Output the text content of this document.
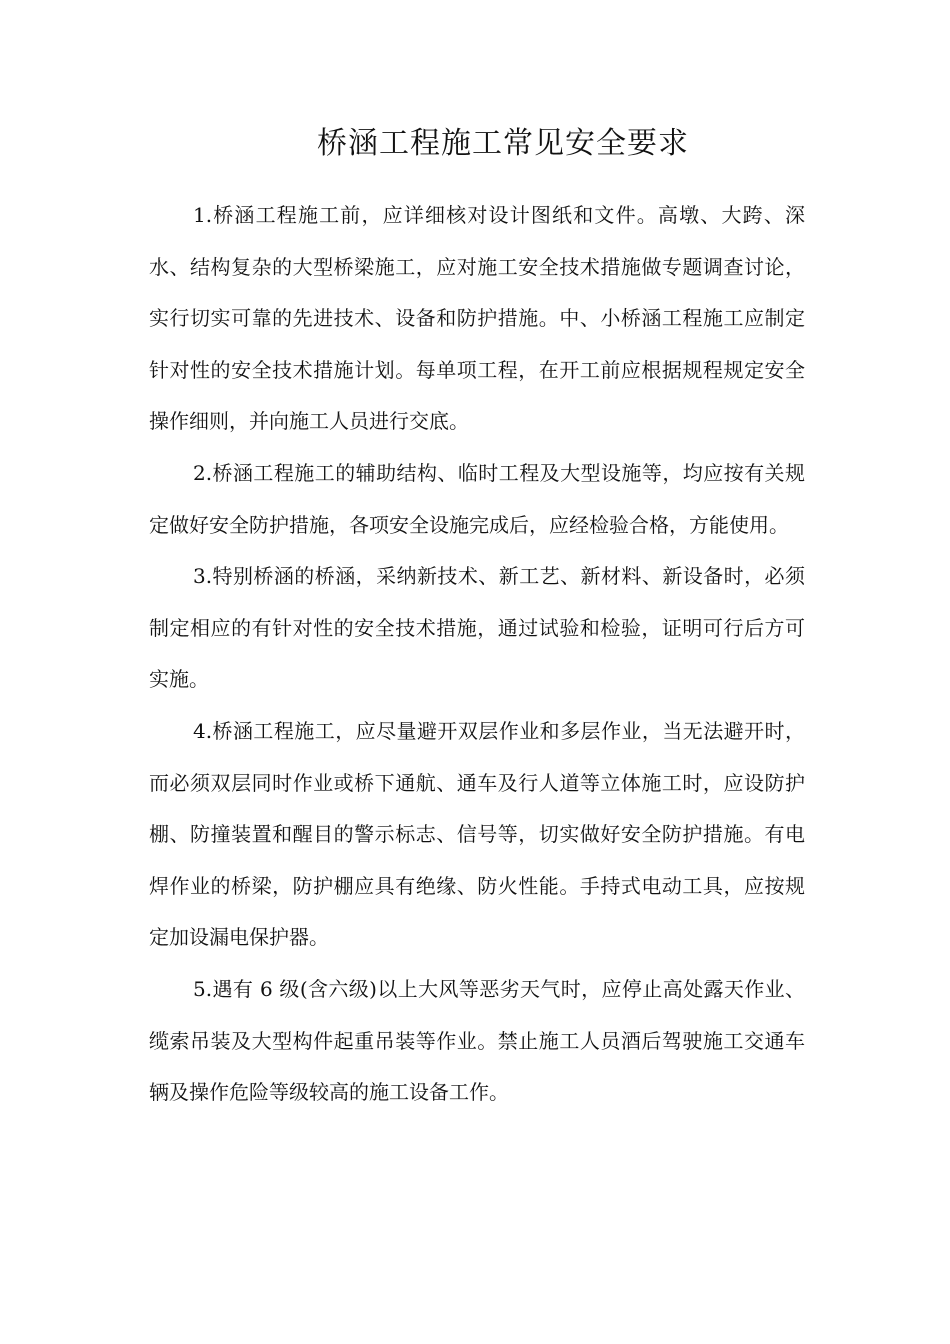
桥涵工程施工常见安全要求

1.桥涵工程施工前，应详细核对设计图纸和文件。高墩、大跨、深水、结构复杂的大型桥梁施工，应对施工安全技术措施做专题调查讨论，实行切实可靠的先进技术、设备和防护措施。中、小桥涵工程施工应制定针对性的安全技术措施计划。每单项工程，在开工前应根据规程规定安全操作细则，并向施工人员进行交底。

2.桥涵工程施工的辅助结构、临时工程及大型设施等，均应按有关规定做好安全防护措施，各项安全设施完成后，应经检验合格，方能使用。

3.特别桥涵的桥涵，采纳新技术、新工艺、新材料、新设备时，必须制定相应的有针对性的安全技术措施，通过试验和检验，证明可行后方可实施。

4.桥涵工程施工，应尽量避开双层作业和多层作业，当无法避开时，而必须双层同时作业或桥下通航、通车及行人道等立体施工时，应设防护棚、防撞装置和醒目的警示标志、信号等，切实做好安全防护措施。有电焊作业的桥梁，防护棚应具有绝缘、防火性能。手持式电动工具，应按规定加设漏电保护器。

5.遇有 6 级(含六级)以上大风等恶劣天气时，应停止高处露天作业、缆索吊装及大型构件起重吊装等作业。禁止施工人员酒后驾驶施工交通车辆及操作危险等级较高的施工设备工作。
